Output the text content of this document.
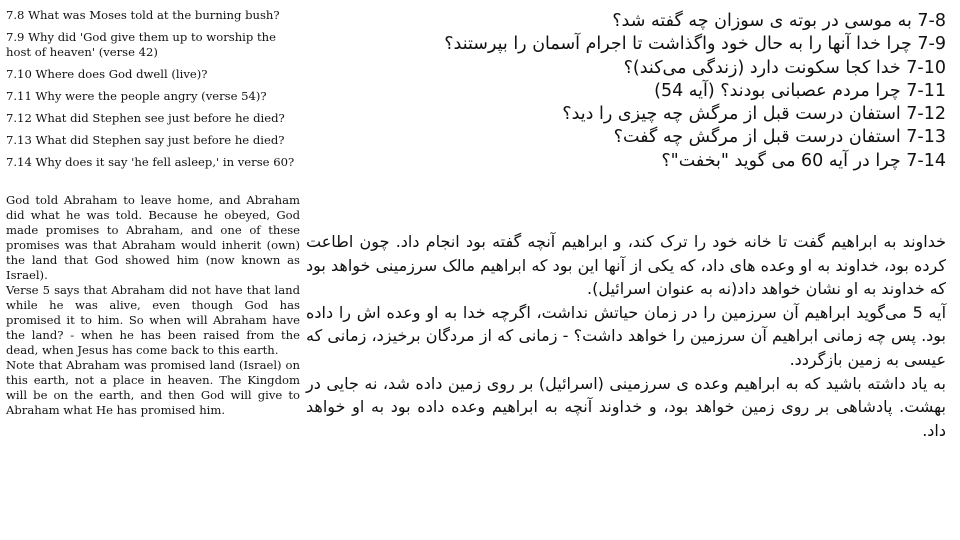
7.8 What was Moses told at the burning bush?

7.9 Why did 'God give them up to worship the host of heaven' (verse 42)

7.10 Where does God dwell (live)?

7.11 Why were the people angry (verse 54)?

7.12 What did Stephen see just before he died?

7.13 What did Stephen say just before he died?

7.14 Why does it say 'he fell asleep,' in verse 60?

God told Abraham to leave home, and Abraham did what he was told. Because he obeyed, God made promises to Abraham, and one of these promises was that Abraham would inherit (own) the land that God showed him (now known as Israel).

Verse 5 says that Abraham did not have that land while he was alive, even though God has promised it to him. So when will Abraham have the land? - when he has been raised from the dead, when Jesus has come back to this earth.

Note that Abraham was promised land (Israel) on this earth, not a place in heaven. The Kingdom will be on the earth, and then God will give to Abraham what He has promised him.

7-8 به موسی در بوته ی سوزان چه گفته شد؟

7-9 چرا خدا آنها را به حال خود واگذاشت تا اجرام آسمان را بپرستند؟

7-10 خدا کجا سکونت دارد (زندگی می‌کند)؟

7-11 چرا مردم عصبانی بودند؟ (آیه 54)

7-12 استفان درست قبل از مرگش چه چیزی را دید؟

7-13 استفان درست قبل از مرگش چه گفت؟

7-14 چرا در آیه 60 می گوید "بخفت"؟

خداوند به ابراهیم گفت تا خانه خود را ترک کند، و ابراهیم آنچه گفته بود انجام داد. چون اطاعت کرده بود، خداوند به او وعده های داد، که یکی از آنها این بود که ابراهیم مالک سرزمینی خواهد بود که خداوند به او نشان خواهد داد(نه به عنوان اسرائیل).

آیه 5 می‌گوید ابراهیم آن سرزمین را در زمان حیاتش نداشت، اگرچه خدا به او وعده اش را داده بود. پس چه زمانی ابراهیم آن سرزمین را خواهد داشت؟ - زمانی که از مردگان برخیزد، زمانی که عیسی به زمین بازگردد.

به یاد داشته باشید که به ابراهیم وعده ی سرزمینی (اسرائیل) بر روی زمین داده شد، نه جایی در بهشت. پادشاهی بر روی زمین خواهد بود، و خداوند آنچه به ابراهیم وعده داده بود به او خواهد داد.
